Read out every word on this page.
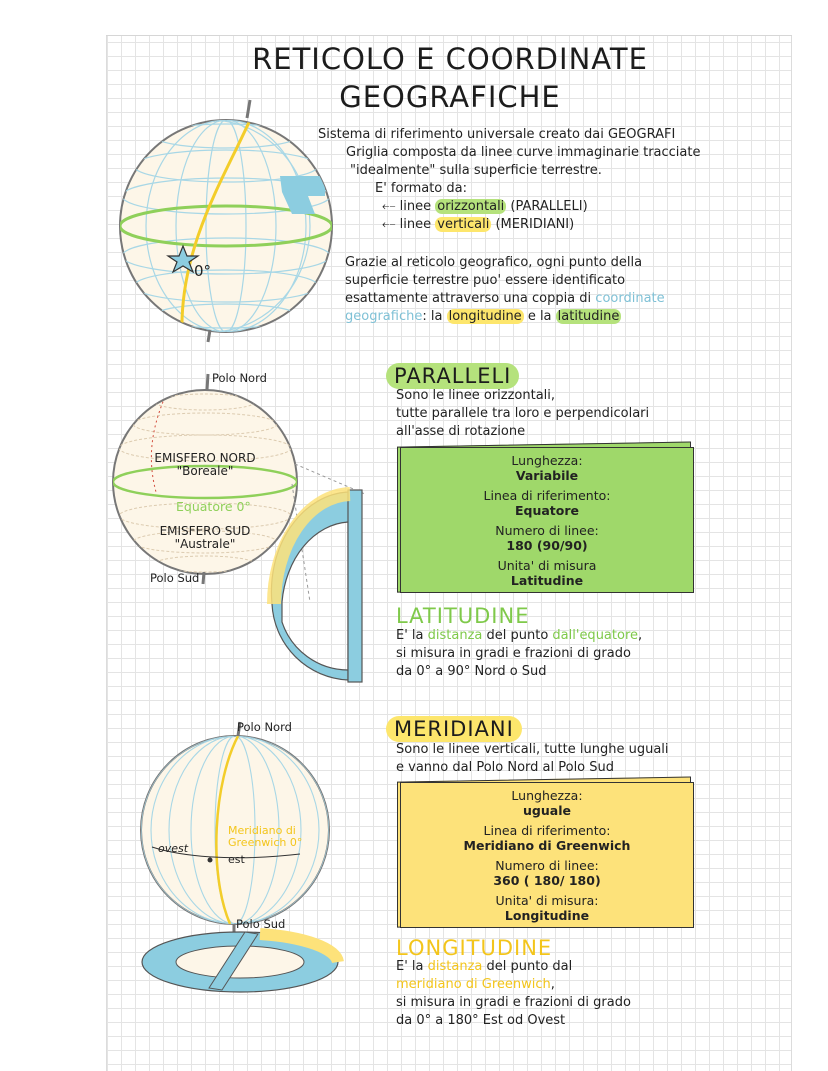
RETICOLO E COORDINATE
GEOGRAFICHE
0°
Sistema di riferimento universale creato dai GEOGRAFI
Griglia composta da linee curve immaginarie tracciate
"idealmente" sulla superficie terrestre.
E' formato da:
⤌ linee orizzontali (PARALLELI)
⤌ linee verticali (MERIDIANI)
Grazie al reticolo geografico, ogni punto della
superficie terrestre puo' essere identificato
esattamente attraverso una coppia di coordinate
geografiche: la longitudine e la latitudine
Polo Nord
EMISFERO NORD
"Boreale"
Equatore 0°
EMISFERO SUD
"Australe"
Polo Sud
PARALLELI
Sono le linee orizzontali,
tutte parallele tra loro e perpendicolari
all'asse di rotazione
Lunghezza:
Variabile
Linea di riferimento:
Equatore
Numero di linee:
180 (90/90)
Unita' di misura
Latitudine
LATITUDINE
E' la distanza del punto dall'equatore,
si misura in gradi e frazioni di grado
da 0° a 90° Nord o Sud
Polo Nord
Meridiano di
Greenwich 0°
ovest
est
Polo Sud
MERIDIANI
Sono le linee verticali, tutte lunghe uguali
e vanno dal Polo Nord al Polo Sud
Lunghezza:
uguale
Linea di riferimento:
Meridiano di Greenwich
Numero di linee:
360 ( 180/ 180)
Unita' di misura:
Longitudine
LONGITUDINE
E' la distanza del punto dal
meridiano di Greenwich,
si misura in gradi e frazioni di grado
da 0° a 180° Est od Ovest
